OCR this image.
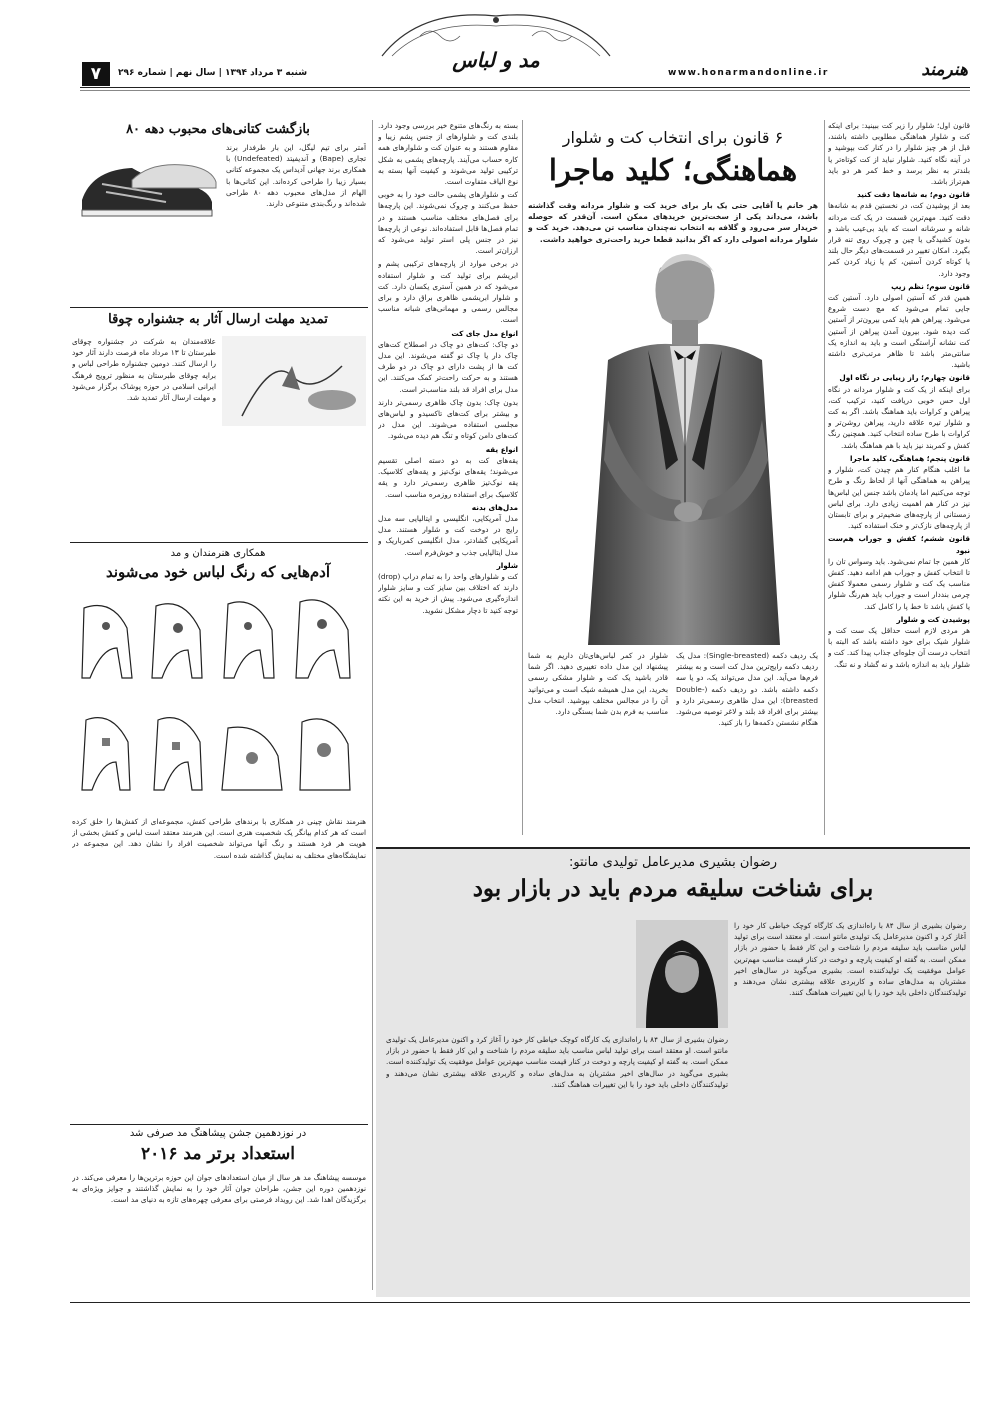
مد و لباس	هنرمند
www.honarmandonline.ir
شنبه ۳ مرداد ۱۳۹۴ | سال نهم | شماره ۲۹۶
۷
۶ قانون برای انتخاب کت و شلوار
هماهنگی؛ کلید ماجرا
هر خانم یا آقایی حتی یک بار برای خرید کت و شلوار مردانه وقت گذاشته باشد، می‌داند یکی از سخت‌ترین خریدهای ممکن است. آن‌قدر که حوصله خریدار سر می‌رود و گلافه به انتخاب نه‌چندان مناسب تن می‌دهد. خرید کت و شلوار مردانه اصولی دارد که اگر بدانید قطعا خرید راحت‌تری خواهید داشت.

قانون اول؛ شلوار را زیر کت ببینید: برای اینکه کت و شلوار هماهنگی مطلوبی داشته باشند، قبل از هر چیز شلوار را در کنار کت بپوشید و در آینه نگاه کنید. شلوار نباید از کت کوتاه‌تر یا بلندتر به نظر برسد و خط کمر هر دو باید هم‌تراز باشد.

قانون دوم؛ به شانه‌ها دقت کنید
بعد از پوشیدن کت، در نخستین قدم به شانه‌ها دقت کنید. مهم‌ترین قسمت در یک کت مردانه شانه و سرشانه است که باید بی‌عیب باشد و بدون کشیدگی یا چین و چروک روی تنه قرار بگیرد. امکان تغییر در قسمت‌های دیگر حال بلند یا کوتاه کردن آستین، کم یا زیاد کردن کمر وجود دارد.

قانون سوم؛ نظم زیپ
همین قدر که آستین اصولی دارد. آستین کت جایی تمام می‌شود که مچ دست شروع می‌شود. پیراهن هم باید کمی بیرون‌تر از آستین کت دیده شود. بیرون آمدن پیراهن از آستین کت نشانه آراستگی است و باید به اندازه یک سانتی‌متر باشد تا ظاهر مرتب‌تری داشته باشید.

قانون چهارم؛ راز زیبایی در نگاه اول
برای اینکه از یک کت و شلوار مردانه در نگاه اول حس خوبی دریافت کنید، ترکیب کت، پیراهن و کراوات باید هماهنگ باشد. اگر به کت و شلوار تیره علاقه دارید، پیراهن روشن‌تر و کراوات با طرح ساده انتخاب کنید. همچنین رنگ کفش و کمربند نیز باید با هم هماهنگ باشد.

قانون پنجم؛ هماهنگی، کلید ماجرا
ما اغلب هنگام کنار هم چیدن کت، شلوار و پیراهن به هماهنگی آنها از لحاظ رنگ و طرح توجه می‌کنیم اما یادمان باشد جنس این لباس‌ها نیز در کنار هم اهمیت زیادی دارد. برای لباس زمستانی از پارچه‌های ضخیم‌تر و برای تابستان از پارچه‌های نازک‌تر و خنک استفاده کنید.

قانون ششم؛ کفش و جوراب هم‌ست نبود
کار همین جا تمام نمی‌شود. باید وسواس تان را تا انتخاب کفش و جوراب هم ادامه دهید. کفش مناسب یک کت و شلوار رسمی معمولا کفش چرمی بنددار است و جوراب باید هم‌رنگ شلوار یا کفش باشد تا خط پا را کامل کند.

پوشیدن کت و شلوار
هر مردی لازم است حداقل یک ست کت و شلوار شیک برای خود داشته باشد که البته با انتخاب درست آن جلوه‌ای جذاب پیدا کند. کت و شلوار باید به اندازه باشد و نه گشاد و نه تنگ.

بسته به رنگ‌های متنوع خیر بررسی وجود دارد. بلندی کت و شلوارهای از جنس پشم زیبا و مقاوم هستند و به عنوان کت و شلوارهای همه کاره حساب می‌آیند. پارچه‌های پشمی به شکل ترکیبی تولید می‌شوند و کیفیت آنها بسته به نوع الیاف متفاوت است.

کت و شلوارهای پشمی حالت خود را به خوبی حفظ می‌کنند و چروک نمی‌شوند. این پارچه‌ها برای فصل‌های مختلف مناسب هستند و در تمام فصل‌ها قابل استفاده‌اند. نوعی از پارچه‌ها نیز در جنس پلی استر تولید می‌شود که ارزان‌تر است.

در برخی موارد از پارچه‌های ترکیبی پشم و ابریشم برای تولید کت و شلوار استفاده می‌شود که در همین آستری یکسان دارد. کت و شلوار ابریشمی ظاهری براق دارد و برای مجالس رسمی و مهمانی‌های شبانه مناسب است.

انواع مدل جای کت
دو چاک: کت‌های دو چاک در اصطلاح کت‌های چاک دار یا چاک تو گفته می‌شوند. این مدل کت ها از پشت دارای دو چاک در دو طرف هستند و به حرکت راحت‌تر کمک می‌کنند. این مدل برای افراد قد بلند مناسب‌تر است.

بدون چاک: بدون چاک ظاهری رسمی‌تر دارند و بیشتر برای کت‌های تاکسیدو و لباس‌های مجلسی استفاده می‌شوند. این مدل در کت‌های دامن کوتاه و تنگ هم دیده می‌شود.

انواع یقه
یقه‌های کت به دو دسته اصلی تقسیم می‌شوند؛ یقه‌های نوک‌تیز و یقه‌های کلاسیک. یقه نوک‌تیز ظاهری رسمی‌تر دارد و یقه کلاسیک برای استفاده روزمره مناسب است.

مدل‌های بدنه
مدل آمریکایی، انگلیسی و ایتالیایی سه مدل رایج در دوخت کت و شلوار هستند. مدل آمریکایی گشادتر، مدل انگلیسی کمرباریک و مدل ایتالیایی جذب و خوش‌فرم است.

شلوار
کت و شلوارهای واحد را به تمام دراپ (drop) دارند که اختلاف بین سایز کت و سایز شلوار اندازه‌گیری می‌شود. پیش از خرید به این نکته توجه کنید تا دچار مشکل نشوید.

شلوار در کمر لباس‌های‌تان داریم به شما پیشنهاد این مدل داده تغییری دهید. اگر شما قادر باشید یک کت و شلوار مشکی رسمی بخرید، این مدل همیشه شیک است و می‌توانید آن را در مجالس مختلف بپوشید. انتخاب مدل مناسب به فرم بدن شما بستگی دارد.
یک ردیف دکمه (Single-breasted): مدل یک ردیف دکمه رایج‌ترین مدل کت است و به بیشتر فرم‌ها می‌آید. این مدل می‌تواند یک، دو یا سه دکمه داشته باشد. دو ردیف دکمه (Double-breasted): این مدل ظاهری رسمی‌تر دارد و بیشتر برای افراد قد بلند و لاغر توصیه می‌شود. هنگام نشستن دکمه‌ها را باز کنید.
بازگشت کتانی‌های محبوب دهه ۸۰
آمتر برای تیم لیگل، این بار طرفدار برند تجاری (Bape) و آندیفیتد (Undefeated) با همکاری برند جهانی آدیداس یک مجموعه کتانی بسیار زیبا را طراحی کرده‌اند. این کتانی‌ها با الهام از مدل‌های محبوب دهه ۸۰ طراحی شده‌اند و رنگ‌بندی متنوعی دارند.
تمدید مهلت ارسال آثار به جشنواره چوقا
علاقه‌مندان به شرکت در جشنواره چوقای طبرستان تا ۱۳ مرداد ماه فرصت دارند آثار خود را ارسال کنند. دومین جشنواره طراحی لباس و برایه چوقای طبرستان به منظور ترویج فرهنگ ایرانی اسلامی در حوزه پوشاک برگزار می‌شود و مهلت ارسال آثار تمدید شد.
همکاری هنرمندان و مد
آدم‌هایی که رنگ لباس خود می‌شوند
هنرمند نقاش چینی در همکاری با برندهای طراحی کفش، مجموعه‌ای از کفش‌ها را خلق کرده است که هر کدام بیانگر یک شخصیت هنری است. این هنرمند معتقد است لباس و کفش بخشی از هویت هر فرد هستند و رنگ آنها می‌تواند شخصیت افراد را نشان دهد. این مجموعه در نمایشگاه‌های مختلف به نمایش گذاشته شده است.
در نوزدهمین جشن پیشاهنگ مد صرفی شد
استعداد برتر مد ۲۰۱۶
موسسه پیشاهنگ مد هر سال از میان استعدادهای جوان این حوزه برترین‌ها را معرفی می‌کند. در نوزدهمین دوره این جشن، طراحان جوان آثار خود را به نمایش گذاشتند و جوایز ویژه‌ای به برگزیدگان اهدا شد. این رویداد فرصتی برای معرفی چهره‌های تازه به دنیای مد است.
رضوان بشیری مدیرعامل تولیدی مانتو:
برای شناخت سلیقه مردم باید در بازار بود
رضوان بشیری از سال ۸۴ با راه‌اندازی یک کارگاه کوچک خیاطی کار خود را آغاز کرد و اکنون مدیرعامل یک تولیدی مانتو است. او معتقد است برای تولید لباس مناسب باید سلیقه مردم را شناخت و این کار فقط با حضور در بازار ممکن است. به گفته او کیفیت پارچه و دوخت در کنار قیمت مناسب مهم‌ترین عوامل موفقیت یک تولیدکننده است. بشیری می‌گوید در سال‌های اخیر مشتریان به مدل‌های ساده و کاربردی علاقه بیشتری نشان می‌دهند و تولیدکنندگان داخلی باید خود را با این تغییرات هماهنگ کنند.
رضوان بشیری از سال ۸۴ با راه‌اندازی یک کارگاه کوچک خیاطی کار خود را آغاز کرد و اکنون مدیرعامل یک تولیدی مانتو است. او معتقد است برای تولید لباس مناسب باید سلیقه مردم را شناخت و این کار فقط با حضور در بازار ممکن است. به گفته او کیفیت پارچه و دوخت در کنار قیمت مناسب مهم‌ترین عوامل موفقیت یک تولیدکننده است. بشیری می‌گوید در سال‌های اخیر مشتریان به مدل‌های ساده و کاربردی علاقه بیشتری نشان می‌دهند و تولیدکنندگان داخلی باید خود را با این تغییرات هماهنگ کنند.
